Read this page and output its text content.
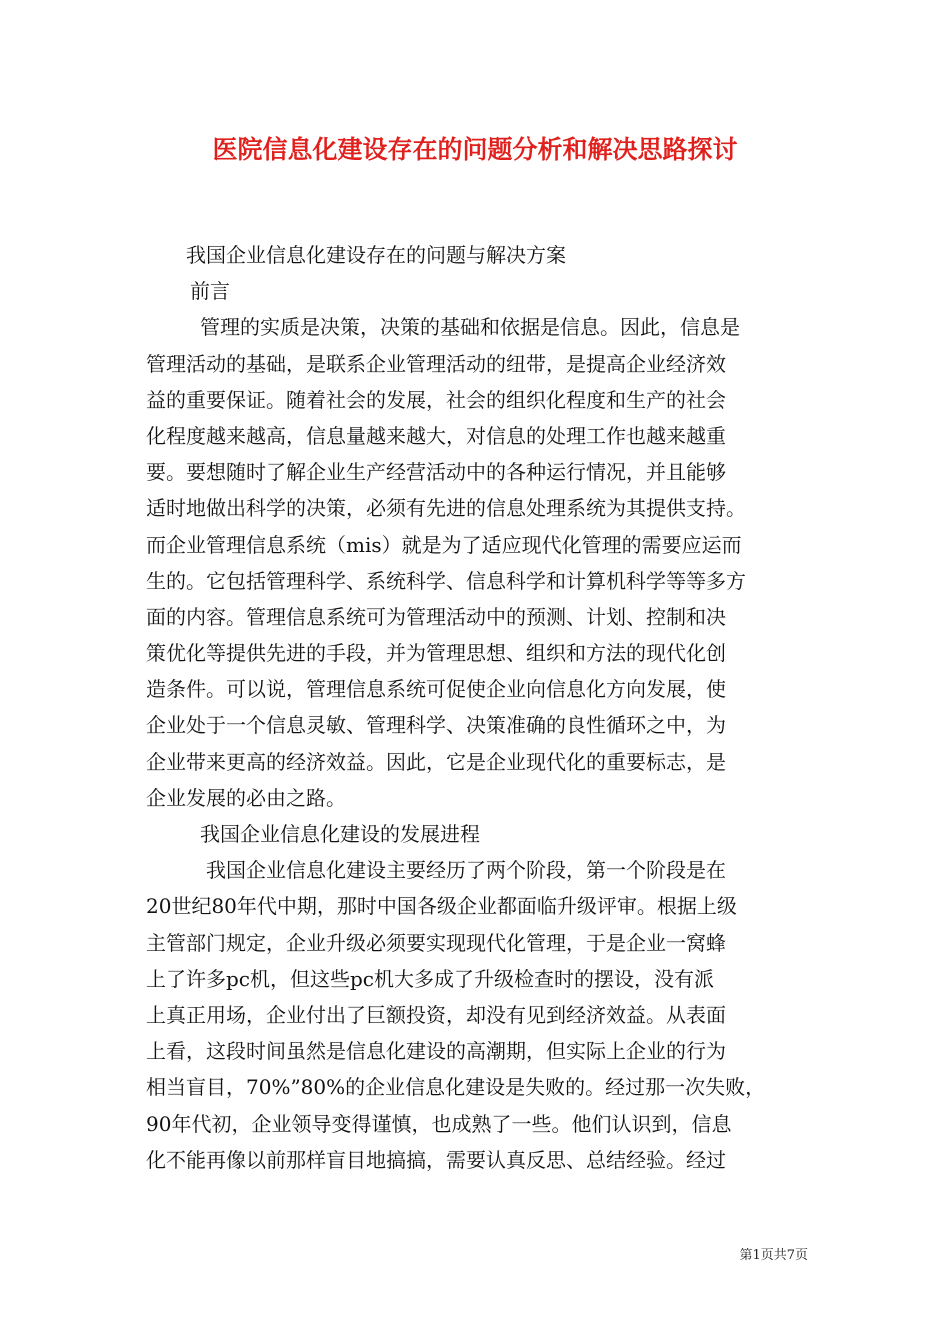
医院信息化建设存在的问题分析和解决思路探讨
我国企业信息化建设存在的问题与解决方案
前言
管理的实质是决策，决策的基础和依据是信息。因此，信息是
管理活动的基础，是联系企业管理活动的纽带，是提高企业经济效
益的重要保证。随着社会的发展，社会的组织化程度和生产的社会
化程度越来越高，信息量越来越大，对信息的处理工作也越来越重
要。要想随时了解企业生产经营活动中的各种运行情况，并且能够
适时地做出科学的决策，必须有先进的信息处理系统为其提供支持。
而企业管理信息系统（mis）就是为了适应现代化管理的需要应运而
生的。它包括管理科学、系统科学、信息科学和计算机科学等等多方
面的内容。管理信息系统可为管理活动中的预测、计划、控制和决
策优化等提供先进的手段，并为管理思想、组织和方法的现代化创
造条件。可以说，管理信息系统可促使企业向信息化方向发展，使
企业处于一个信息灵敏、管理科学、决策准确的良性循环之中，为
企业带来更高的经济效益。因此，它是企业现代化的重要标志，是
企业发展的必由之路。
我国企业信息化建设的发展进程
我国企业信息化建设主要经历了两个阶段，第一个阶段是在
20世纪80年代中期，那时中国各级企业都面临升级评审。根据上级
主管部门规定，企业升级必须要实现现代化管理，于是企业一窝蜂
上了许多pc机，但这些pc机大多成了升级检查时的摆设，没有派
上真正用场，企业付出了巨额投资，却没有见到经济效益。从表面
上看，这段时间虽然是信息化建设的高潮期，但实际上企业的行为
相当盲目，70%”80%的企业信息化建设是失败的。经过那一次失败，
90年代初，企业领导变得谨慎，也成熟了一些。他们认识到，信息
化不能再像以前那样盲目地搞搞，需要认真反思、总结经验。经过
第1页共7页
